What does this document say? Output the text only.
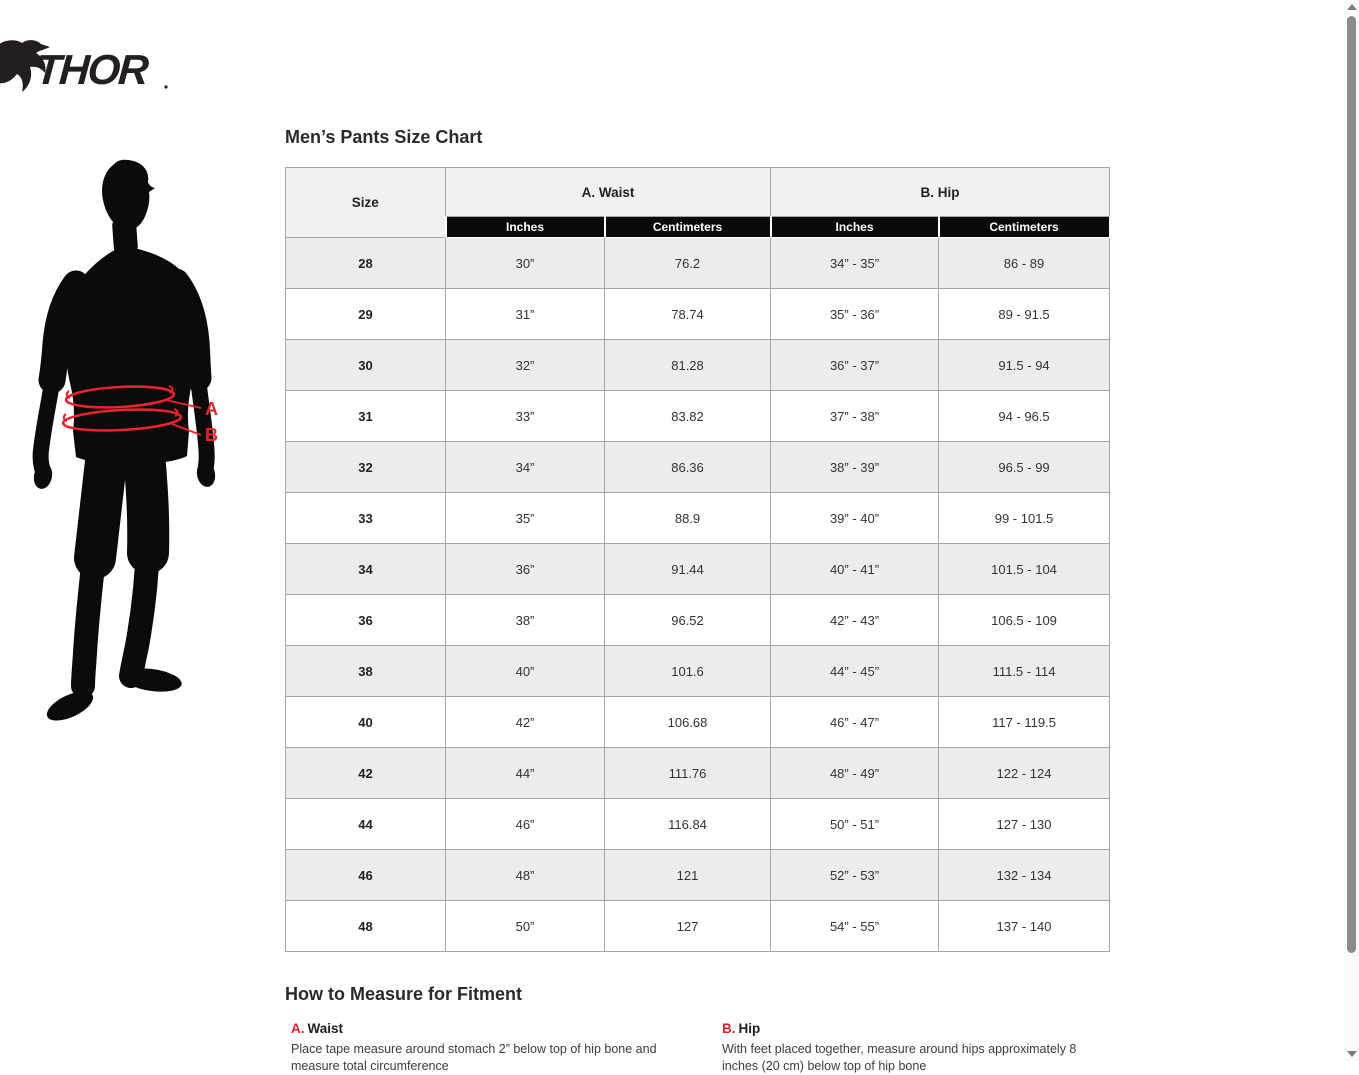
THOR
A
B
Men’s Pants Size Chart
Size	A. Waist		B. Hip	
	Inches	Centimeters	Inches	Centimeters
28	30”	76.2	34” - 35”	86 - 89
29	31”	78.74	35” - 36”	89 - 91.5
30	32”	81.28	36” - 37”	91.5 - 94
31	33”	83.82	37” - 38”	94 - 96.5
32	34”	86.36	38” - 39”	96.5 - 99
33	35”	88.9	39” - 40”	99 - 101.5
34	36”	91.44	40” - 41”	101.5 - 104
36	38”	96.52	42” - 43”	106.5 - 109
38	40”	101.6	44” - 45”	111.5 - 114
40	42”	106.68	46” - 47”	117 - 119.5
42	44”	111.76	48” - 49”	122 - 124
44	46”	116.84	50” - 51”	127 - 130
46	48”	121	52” - 53”	132 - 134
48	50”	127	54” - 55”	137 - 140
How to Measure for Fitment
A. Waist

Place tape measure around stomach 2” below top of hip bone and measure total circumference

B. Hip

With feet placed together, measure around hips approximately 8 inches (20 cm) below top of hip bone
